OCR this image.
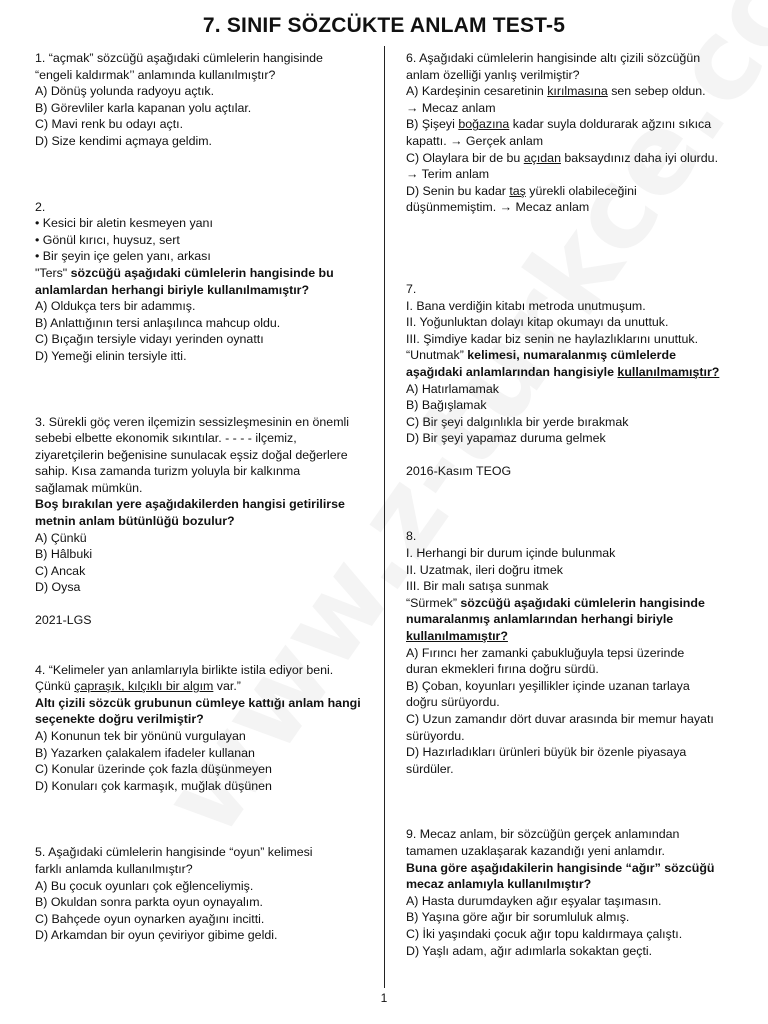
7. SINIF SÖZCÜKTE ANLAM TEST-5
1. “açmak” sözcüğü aşağıdaki cümlelerin hangisinde
“engeli kaldırmak’’ anlamında kullanılmıştır?
A) Dönüş yolunda radyoyu açtık.
B) Görevliler karla kapanan yolu açtılar.
C) Mavi renk bu odayı açtı.
D) Size kendimi açmaya geldim.
2.
• Kesici bir aletin kesmeyen yanı
• Gönül kırıcı, huysuz, sert
• Bir şeyin içe gelen yanı, arkası
"Ters" sözcüğü aşağıdaki cümlelerin hangisinde bu
anlamlardan herhangi biriyle kullanılmamıştır?
A) Oldukça ters bir adammış.
B) Anlattığının tersi anlaşılınca mahcup oldu.
C) Bıçağın tersiyle vidayı yerinden oynattı
D) Yemeği elinin tersiyle itti.
3. Sürekli göç veren ilçemizin sessizleşmesinin en önemli
sebebi elbette ekonomik sıkıntılar. - - - - ilçemiz,
ziyaretçilerin beğenisine sunulacak eşsiz doğal değerlere
sahip. Kısa zamanda turizm yoluyla bir kalkınma
sağlamak mümkün.
Boş bırakılan yere aşağıdakilerden hangisi getirilirse
metnin anlam bütünlüğü bozulur?
A) Çünkü
B) Hâlbuki
C) Ancak
D) Oysa
2021-LGS
4. “Kelimeler yan anlamlarıyla birlikte istila ediyor beni.
Çünkü çapraşık, kılçıklı bir algım var.”
Altı çizili sözcük grubunun cümleye kattığı anlam hangi
seçenekte doğru verilmiştir?
A) Konunun tek bir yönünü vurgulayan
B) Yazarken çalakalem ifadeler kullanan
C) Konular üzerinde çok fazla düşünmeyen
D) Konuları çok karmaşık, muğlak düşünen
5. Aşağıdaki cümlelerin hangisinde “oyun” kelimesi
farklı anlamda kullanılmıştır?
A) Bu çocuk oyunları çok eğlenceliymiş.
B) Okuldan sonra parkta oyun oynayalım.
C) Bahçede oyun oynarken ayağını incitti.
D) Arkamdan bir oyun çeviriyor gibime geldi.
6. Aşağıdaki cümlelerin hangisinde altı çizili sözcüğün
anlam özelliği yanlış verilmiştir?
A) Kardeşinin cesaretinin kırılmasına sen sebep oldun.
→ Mecaz anlam
B) Şişeyi boğazına kadar suyla doldurarak ağzını sıkıca
kapattı. → Gerçek anlam
C) Olaylara bir de bu açıdan baksaydınız daha iyi olurdu.
→ Terim anlam
D) Senin bu kadar taş yürekli olabileceğini
düşünmemiştim. → Mecaz anlam
7.
I. Bana verdiğin kitabı metroda unutmuşum.
II. Yoğunluktan dolayı kitap okumayı da unuttuk.
III. Şimdiye kadar biz senin ne haylazlıklarını unuttuk.
“Unutmak” kelimesi, numaralanmış cümlelerde
aşağıdaki anlamlarından hangisiyle kullanılmamıştır?
A) Hatırlamamak
B) Bağışlamak
C) Bir şeyi dalgınlıkla bir yerde bırakmak
D) Bir şeyi yapamaz duruma gelmek
2016-Kasım TEOG
8.
I. Herhangi bir durum içinde bulunmak
II. Uzatmak, ileri doğru itmek
III. Bir malı satışa sunmak
“Sürmek” sözcüğü aşağıdaki cümlelerin hangisinde
numaralanmış anlamlarından herhangi biriyle
kullanılmamıştır?
A) Fırıncı her zamanki çabukluğuyla tepsi üzerinde
duran ekmekleri fırına doğru sürdü.
B) Çoban, koyunları yeşillikler içinde uzanan tarlaya
doğru sürüyordu.
C) Uzun zamandır dört duvar arasında bir memur hayatı
sürüyordu.
D) Hazırladıkları ürünleri büyük bir özenle piyasaya
sürdüler.
9. Mecaz anlam, bir sözcüğün gerçek anlamından
tamamen uzaklaşarak kazandığı yeni anlamdır.
Buna göre aşağıdakilerin hangisinde “ağır” sözcüğü
mecaz anlamıyla kullanılmıştır?
A) Hasta durumdayken ağır eşyalar taşımasın.
B) Yaşına göre ağır bir sorumluluk almış.
C) İki yaşındaki çocuk ağır topu kaldırmaya çalıştı.
D) Yaşlı adam, ağır adımlarla sokaktan geçti.
1
